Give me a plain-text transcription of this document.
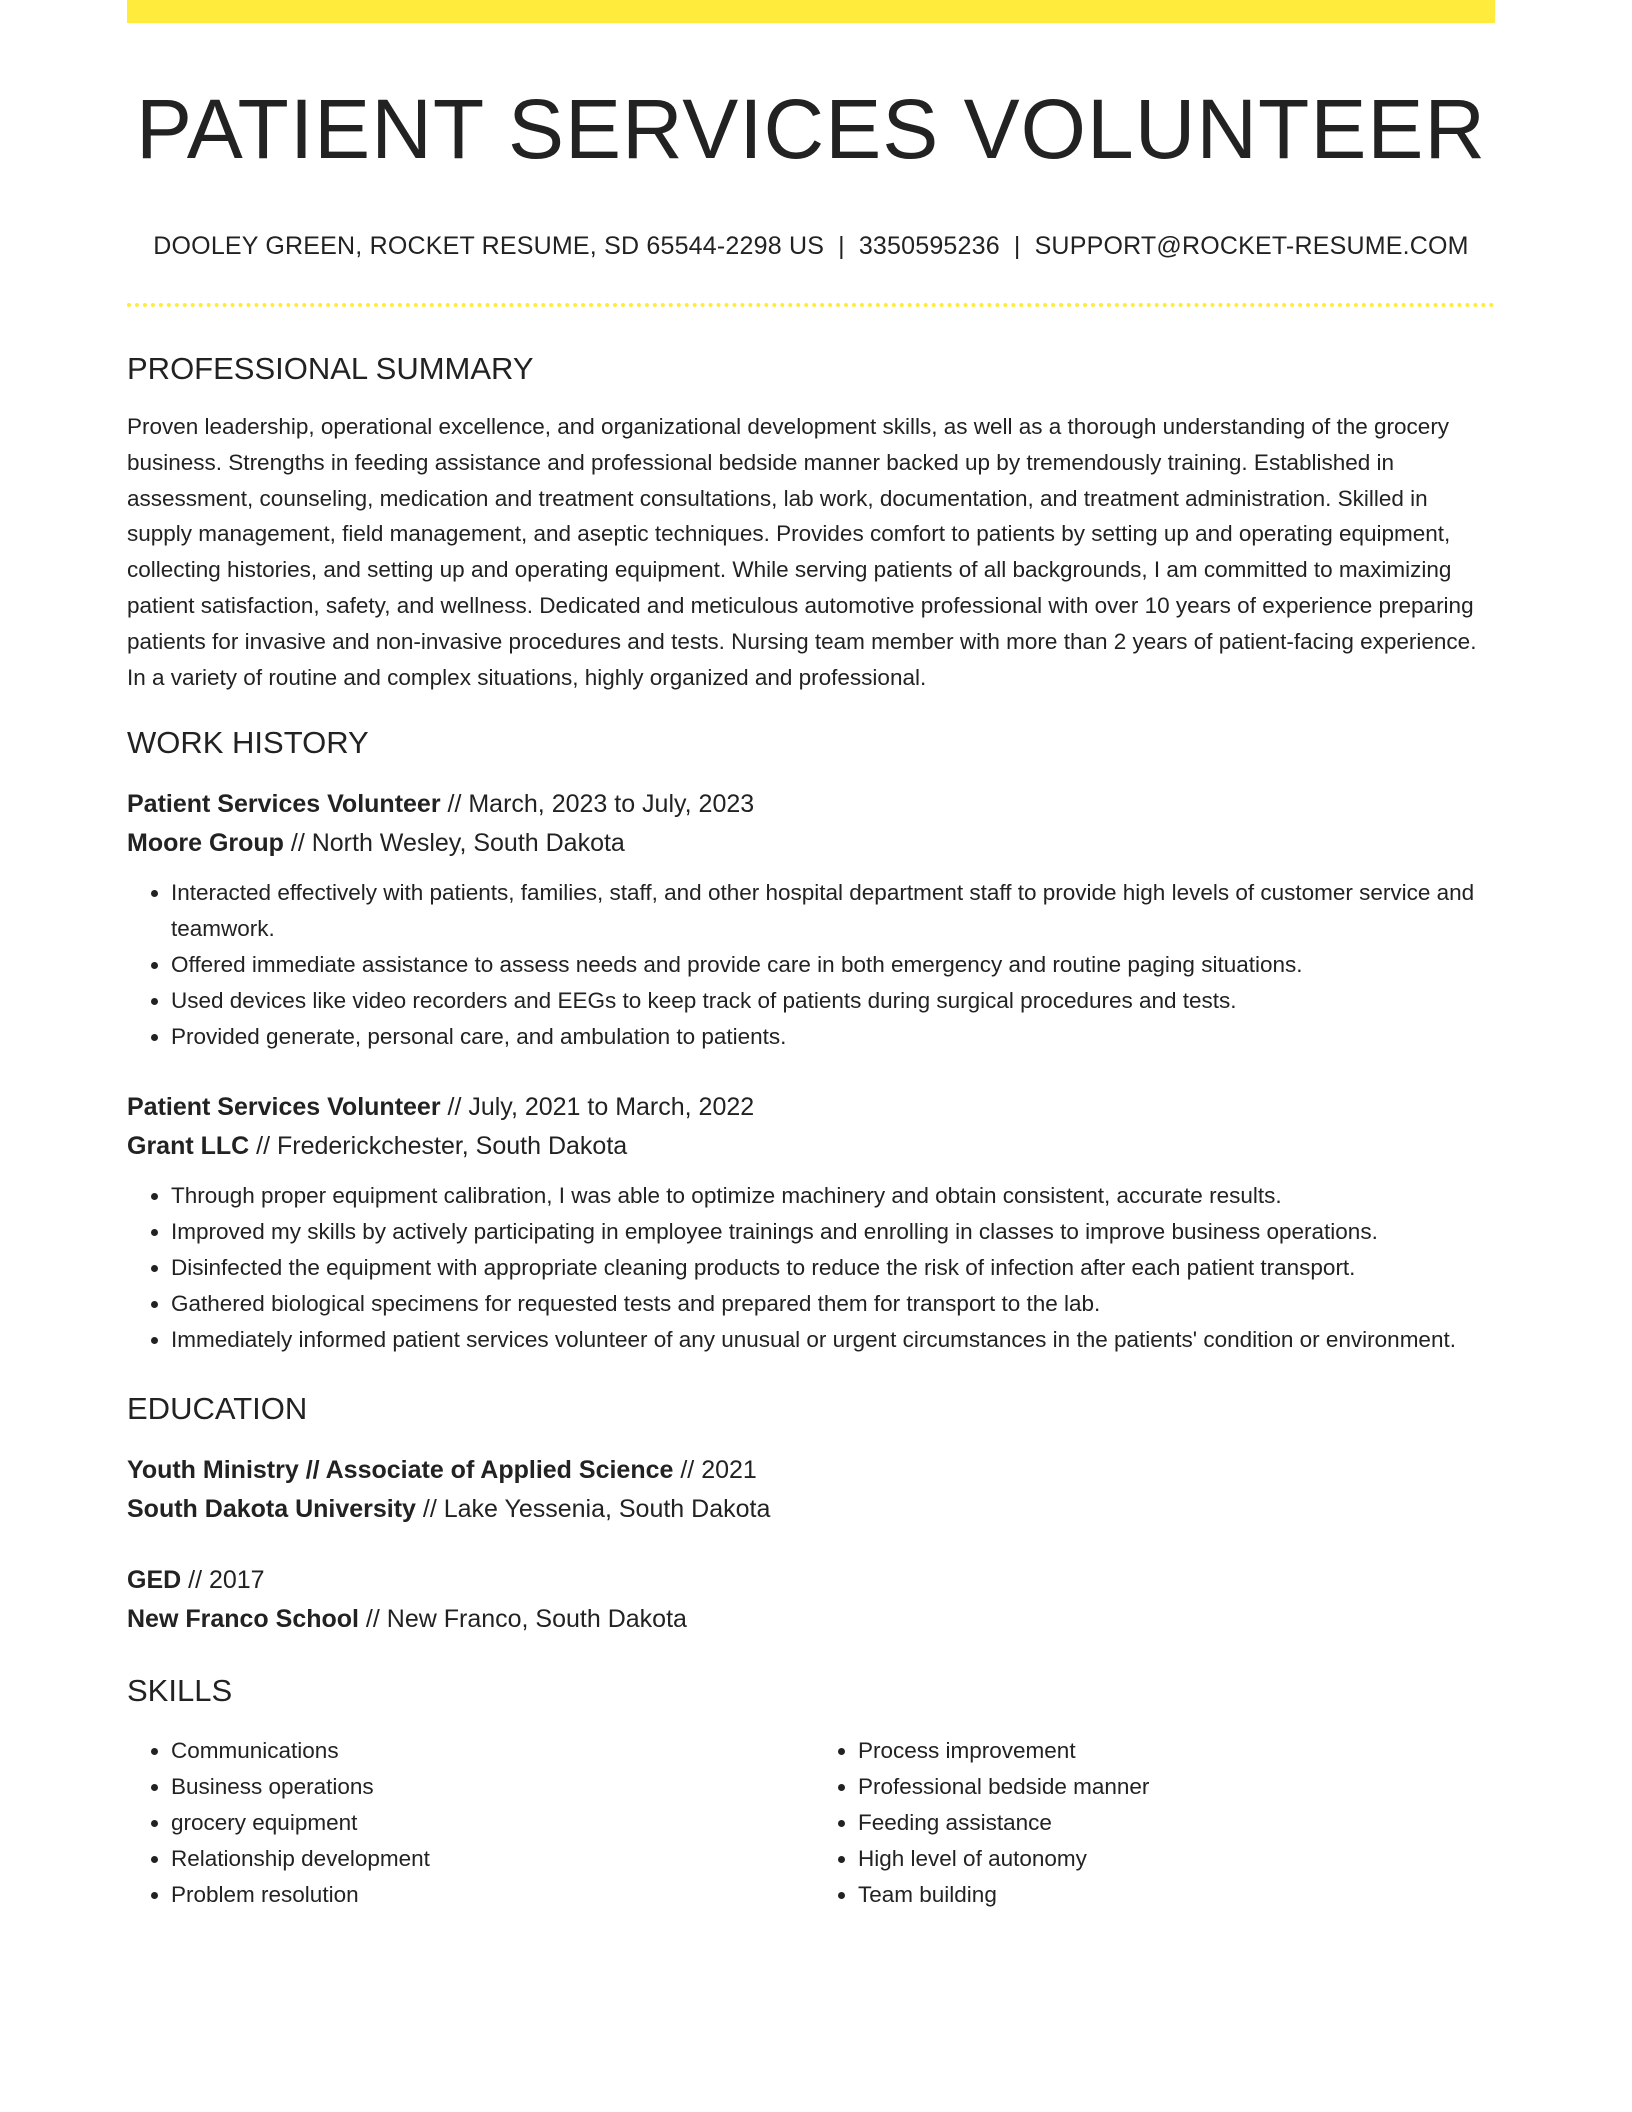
PATIENT SERVICES VOLUNTEER
DOOLEY GREEN, ROCKET RESUME, SD 65544-2298 US | 3350595236 | SUPPORT@ROCKET-RESUME.COM
PROFESSIONAL SUMMARY
Proven leadership, operational excellence, and organizational development skills, as well as a thorough understanding of the grocery business. Strengths in feeding assistance and professional bedside manner backed up by tremendously training. Established in assessment, counseling, medication and treatment consultations, lab work, documentation, and treatment administration. Skilled in supply management, field management, and aseptic techniques. Provides comfort to patients by setting up and operating equipment, collecting histories, and setting up and operating equipment. While serving patients of all backgrounds, I am committed to maximizing patient satisfaction, safety, and wellness. Dedicated and meticulous automotive professional with over 10 years of experience preparing patients for invasive and non-invasive procedures and tests. Nursing team member with more than 2 years of patient-facing experience. In a variety of routine and complex situations, highly organized and professional.
WORK HISTORY
Patient Services Volunteer // March, 2023 to July, 2023
Moore Group // North Wesley, South Dakota
• Interacted effectively with patients, families, staff, and other hospital department staff to provide high levels of customer service and teamwork.
• Offered immediate assistance to assess needs and provide care in both emergency and routine paging situations.
• Used devices like video recorders and EEGs to keep track of patients during surgical procedures and tests.
• Provided generate, personal care, and ambulation to patients.
Patient Services Volunteer // July, 2021 to March, 2022
Grant LLC // Frederickchester, South Dakota
• Through proper equipment calibration, I was able to optimize machinery and obtain consistent, accurate results.
• Improved my skills by actively participating in employee trainings and enrolling in classes to improve business operations.
• Disinfected the equipment with appropriate cleaning products to reduce the risk of infection after each patient transport.
• Gathered biological specimens for requested tests and prepared them for transport to the lab.
• Immediately informed patient services volunteer of any unusual or urgent circumstances in the patients' condition or environment.
EDUCATION
Youth Ministry // Associate of Applied Science // 2021
South Dakota University // Lake Yessenia, South Dakota
GED // 2017
New Franco School // New Franco, South Dakota
SKILLS
• Communications
• Business operations
• grocery equipment
• Relationship development
• Problem resolution
• Process improvement
• Professional bedside manner
• Feeding assistance
• High level of autonomy
• Team building
